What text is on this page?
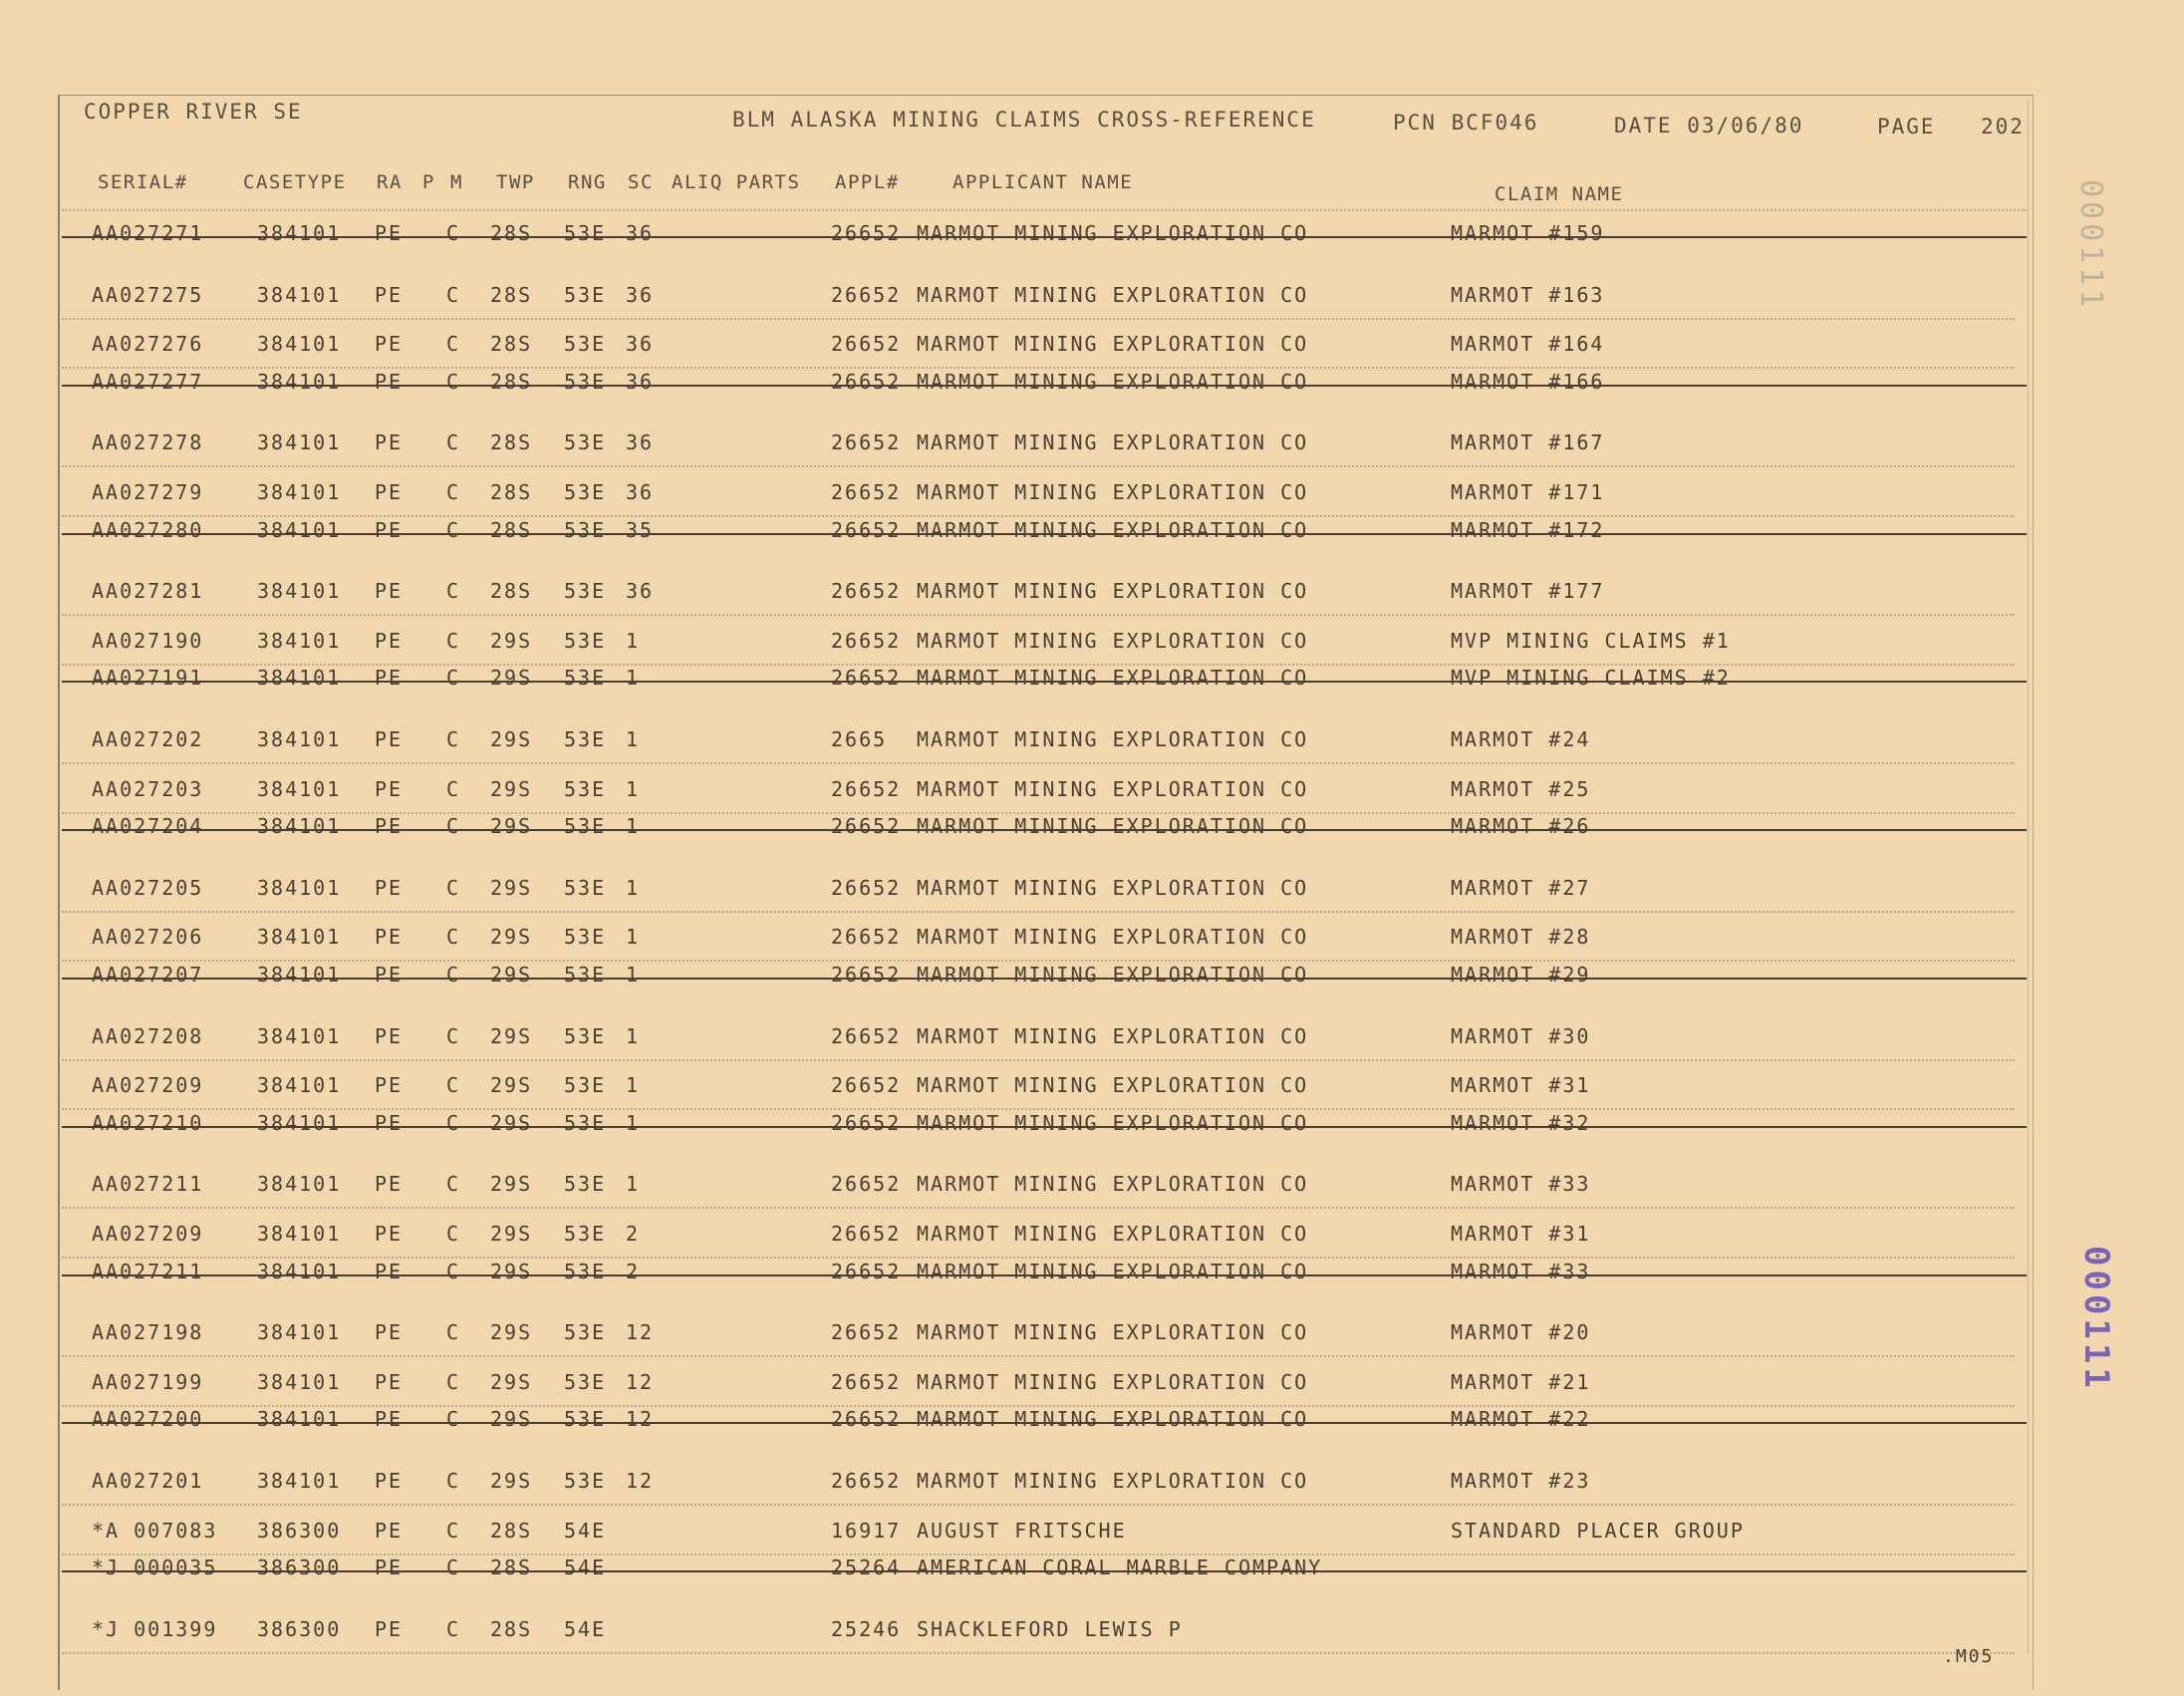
COPPER RIVER SE	BLM ALASKA MINING CLAIMS CROSS-REFERENCE	PCN BCF046	DATE 03/06/80	PAGE 202
SERIAL#	CASETYPE RA P M TWP RNG SC ALIQ PARTS APPL#	APPLICANT NAME
CLAIM NAME
AA027271	384101 PE C 28S 53E 36	26652 MARMOT MINING EXPLORATION CO	MARMOT #159
AA027275	384101 PE C 28S 53E 36	26652 MARMOT MINING EXPLORATION CO	MARMOT #163
AA027276	384101 PE C 28S 53E 36	26652 MARMOT MINING EXPLORATION CO	MARMOT #164
AA027277	384101 PE C 28S 53E 36	26652 MARMOT MINING EXPLORATION CO	MARMOT #166
AA027278	384101 PE C 28S 53E 36	26652 MARMOT MINING EXPLORATION CO	MARMOT #167
AA027279	384101 PE C 28S 53E 36	26652 MARMOT MINING EXPLORATION CO	MARMOT #171
AA027280	384101 PE C 28S 53E 35	26652 MARMOT MINING EXPLORATION CO	MARMOT #172
AA027281	384101 PE C 28S 53E 36	26652 MARMOT MINING EXPLORATION CO	MARMOT #177
AA027190	384101 PE C 29S 53E 1	26652 MARMOT MINING EXPLORATION CO	MVP MINING CLAIMS #1
AA027191	384101 PE C 29S 53E 1	26652 MARMOT MINING EXPLORATION CO	MVP MINING CLAIMS #2
AA027202	384101 PE C 29S 53E 1	2665 MARMOT MINING EXPLORATION CO	MARMOT #24
AA027203	384101 PE C 29S 53E 1	26652 MARMOT MINING EXPLORATION CO	MARMOT #25
AA027204	384101 PE C 29S 53E 1	26652 MARMOT MINING EXPLORATION CO	MARMOT #26
AA027205	384101 PE C 29S 53E 1	26652 MARMOT MINING EXPLORATION CO	MARMOT #27
AA027206	384101 PE C 29S 53E 1	26652 MARMOT MINING EXPLORATION CO	MARMOT #28
AA027207	384101 PE C 29S 53E 1	26652 MARMOT MINING EXPLORATION CO	MARMOT #29
AA027208	384101 PE C 29S 53E 1	26652 MARMOT MINING EXPLORATION CO	MARMOT #30
AA027209	384101 PE C 29S 53E 1	26652 MARMOT MINING EXPLORATION CO	MARMOT #31
AA027210	384101 PE C 29S 53E 1	26652 MARMOT MINING EXPLORATION CO	MARMOT #32
AA027211	384101 PE C 29S 53E 1	26652 MARMOT MINING EXPLORATION CO	MARMOT #33
AA027209	384101 PE C 29S 53E 2	26652 MARMOT MINING EXPLORATION CO	MARMOT #31
AA027211	384101 PE C 29S 53E 2	26652 MARMOT MINING EXPLORATION CO	MARMOT #33
AA027198	384101 PE C 29S 53E 12	26652 MARMOT MINING EXPLORATION CO	MARMOT #20
AA027199	384101 PE C 29S 53E 12	26652 MARMOT MINING EXPLORATION CO	MARMOT #21
AA027200	384101 PE C 29S 53E 12	26652 MARMOT MINING EXPLORATION CO	MARMOT #22
AA027201	384101 PE C 29S 53E 12	26652 MARMOT MINING EXPLORATION CO	MARMOT #23
*A 007083 386300 PE C 28S 54E	16917 AUGUST FRITSCHE	STANDARD PLACER GROUP
*J 000035 386300 PE C 28S 54E	25264 AMERICAN CORAL MARBLE COMPANY
*J 001399 386300 PE C 28S 54E	25246 SHACKLEFORD LEWIS P
000111
000111
.M05
